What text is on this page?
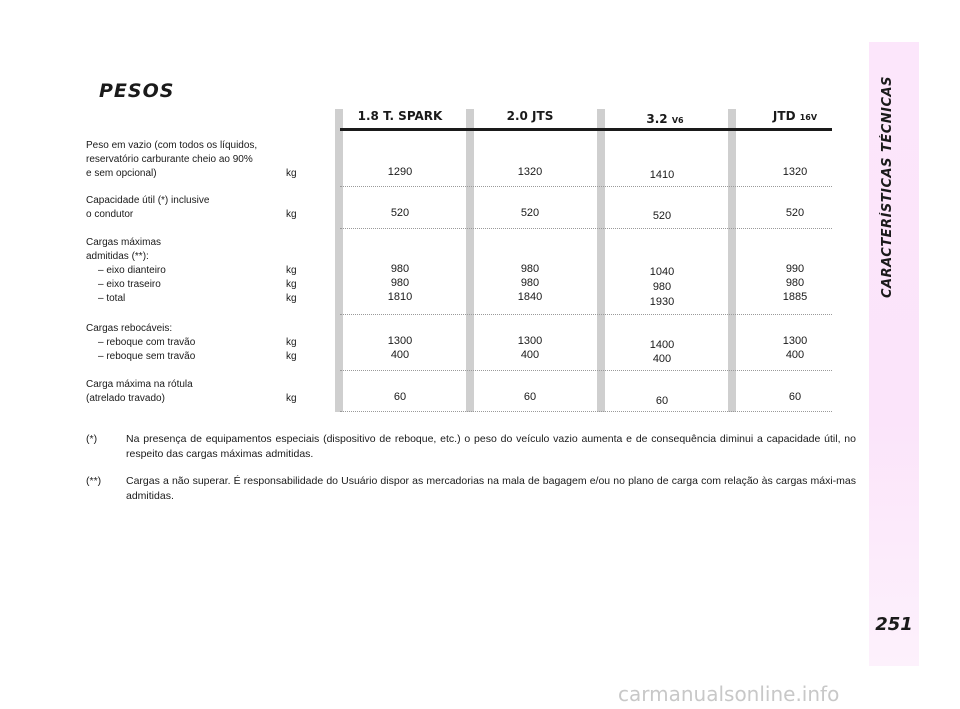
CARACTERÍSTICAS TÉCNICAS
251
PESOS
1.8 T. SPARK	2.0 JTS	3.2 V6	JTD 16V
Peso em vazio (com todos os líquidos,
reservatório carburante cheio ao 90%
e sem opcional)	kg	1290	1320	1410	1320
Capacidade útil (*) inclusive
o condutor	kg	520	520	520	520
Cargas máximas
admitidas (**):
– eixo dianteiro	kg	980	980	1040	990
– eixo traseiro	kg	980	980	980	980
– total	kg	1810	1840	1930	1885
Cargas rebocáveis:
– reboque com travão	kg	1300	1300	1400	1300
– reboque sem travão	kg	400	400	400	400
Carga máxima na rótula
(atrelado travado)	kg	60	60	60	60
(*)	Na presença de equipamentos especiais (dispositivo de reboque, etc.) o peso do veículo vazio aumenta e de consequência diminui a capacidade útil, no respeito das cargas máximas admitidas.
(**) Cargas a não superar. É responsabilidade do Usuário dispor as mercadorias na mala de bagagem e/ou no plano de carga com relação às cargas máxi-mas admitidas.
carmanualsonline.info
